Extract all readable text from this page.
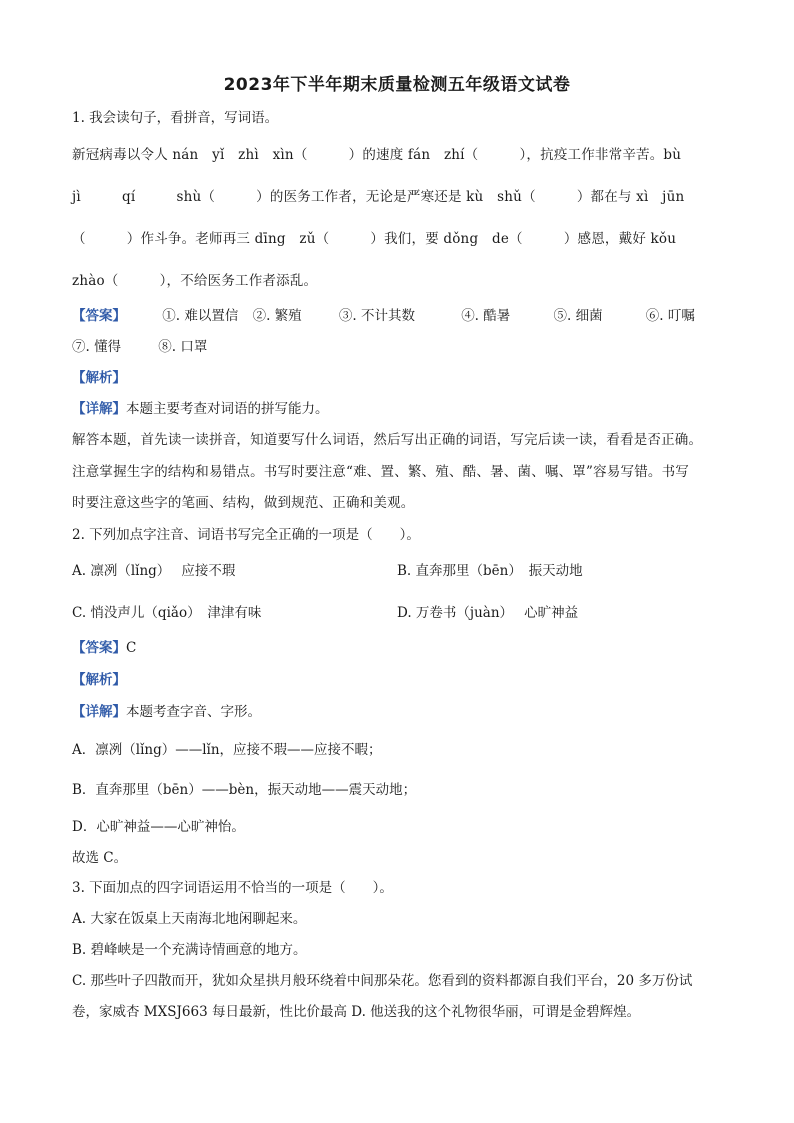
2023年下半年期末质量检测五年级语文试卷
1. 我会读句子，看拼音，写词语。
新冠病毒以令人 nán　yǐ　zhì　xìn（　　　）的速度 fán　zhí（　　　），抗疫工作非常辛苦。bù
jì　　　qí　　　shù（　　　）的医务工作者，无论是严寒还是 kù　shǔ（　　　）都在与 xì　jūn
（　　　）作斗争。老师再三 dīng　zǔ（　　　）我们，要 dǒng　de（　　　）感恩，戴好 kǒu
zhào（　　　），不给医务工作者添乱。
【答案】	①. 难以置信 ②. 繁殖	③. 不计其数	④. 酷暑	⑤. 细菌	⑥. 叮嘱
⑦. 懂得	⑧. 口罩
【解析】
【详解】本题主要考查对词语的拼写能力。
解答本题，首先读一读拼音，知道要写什么词语，然后写出正确的词语，写完后读一读，看看是否正确。
注意掌握生字的结构和易错点。书写时要注意“难、置、繁、殖、酷、暑、菌、嘱、罩”容易写错。书写
时要注意这些字的笔画、结构，做到规范、正确和美观。
2. 下列加点字注音、词语书写完全正确的一项是（　　）。
A. 凛冽（lǐng）　 应接不瑕	B. 直奔那里（bēn）　振天动地
C. 悄没声儿（qiǎo）　津津有味	D. 万卷书（juàn）　 心旷神益
【答案】C
【解析】
【详解】本题考查字音、字形。
A．凛冽（lǐng）——lǐn，应接不瑕——应接不暇；
B．直奔那里（bēn）——bèn，振天动地——震天动地；
D．心旷神益——心旷神怡。
故选 C。
3. 下面加点的四字词语运用不恰当的一项是（　　）。
A. 大家在饭桌上天南海北地闲聊起来。
B. 碧峰峡是一个充满诗情画意的地方。
C. 那些叶子四散而开，犹如众星拱月般环绕着中间那朵花。您看到的资料都源自我们平台，20 多万份试
卷，家威杏 MXSJ663 每日最新，性比价最高 D. 他送我的这个礼物很华丽，可谓是金碧辉煌。
